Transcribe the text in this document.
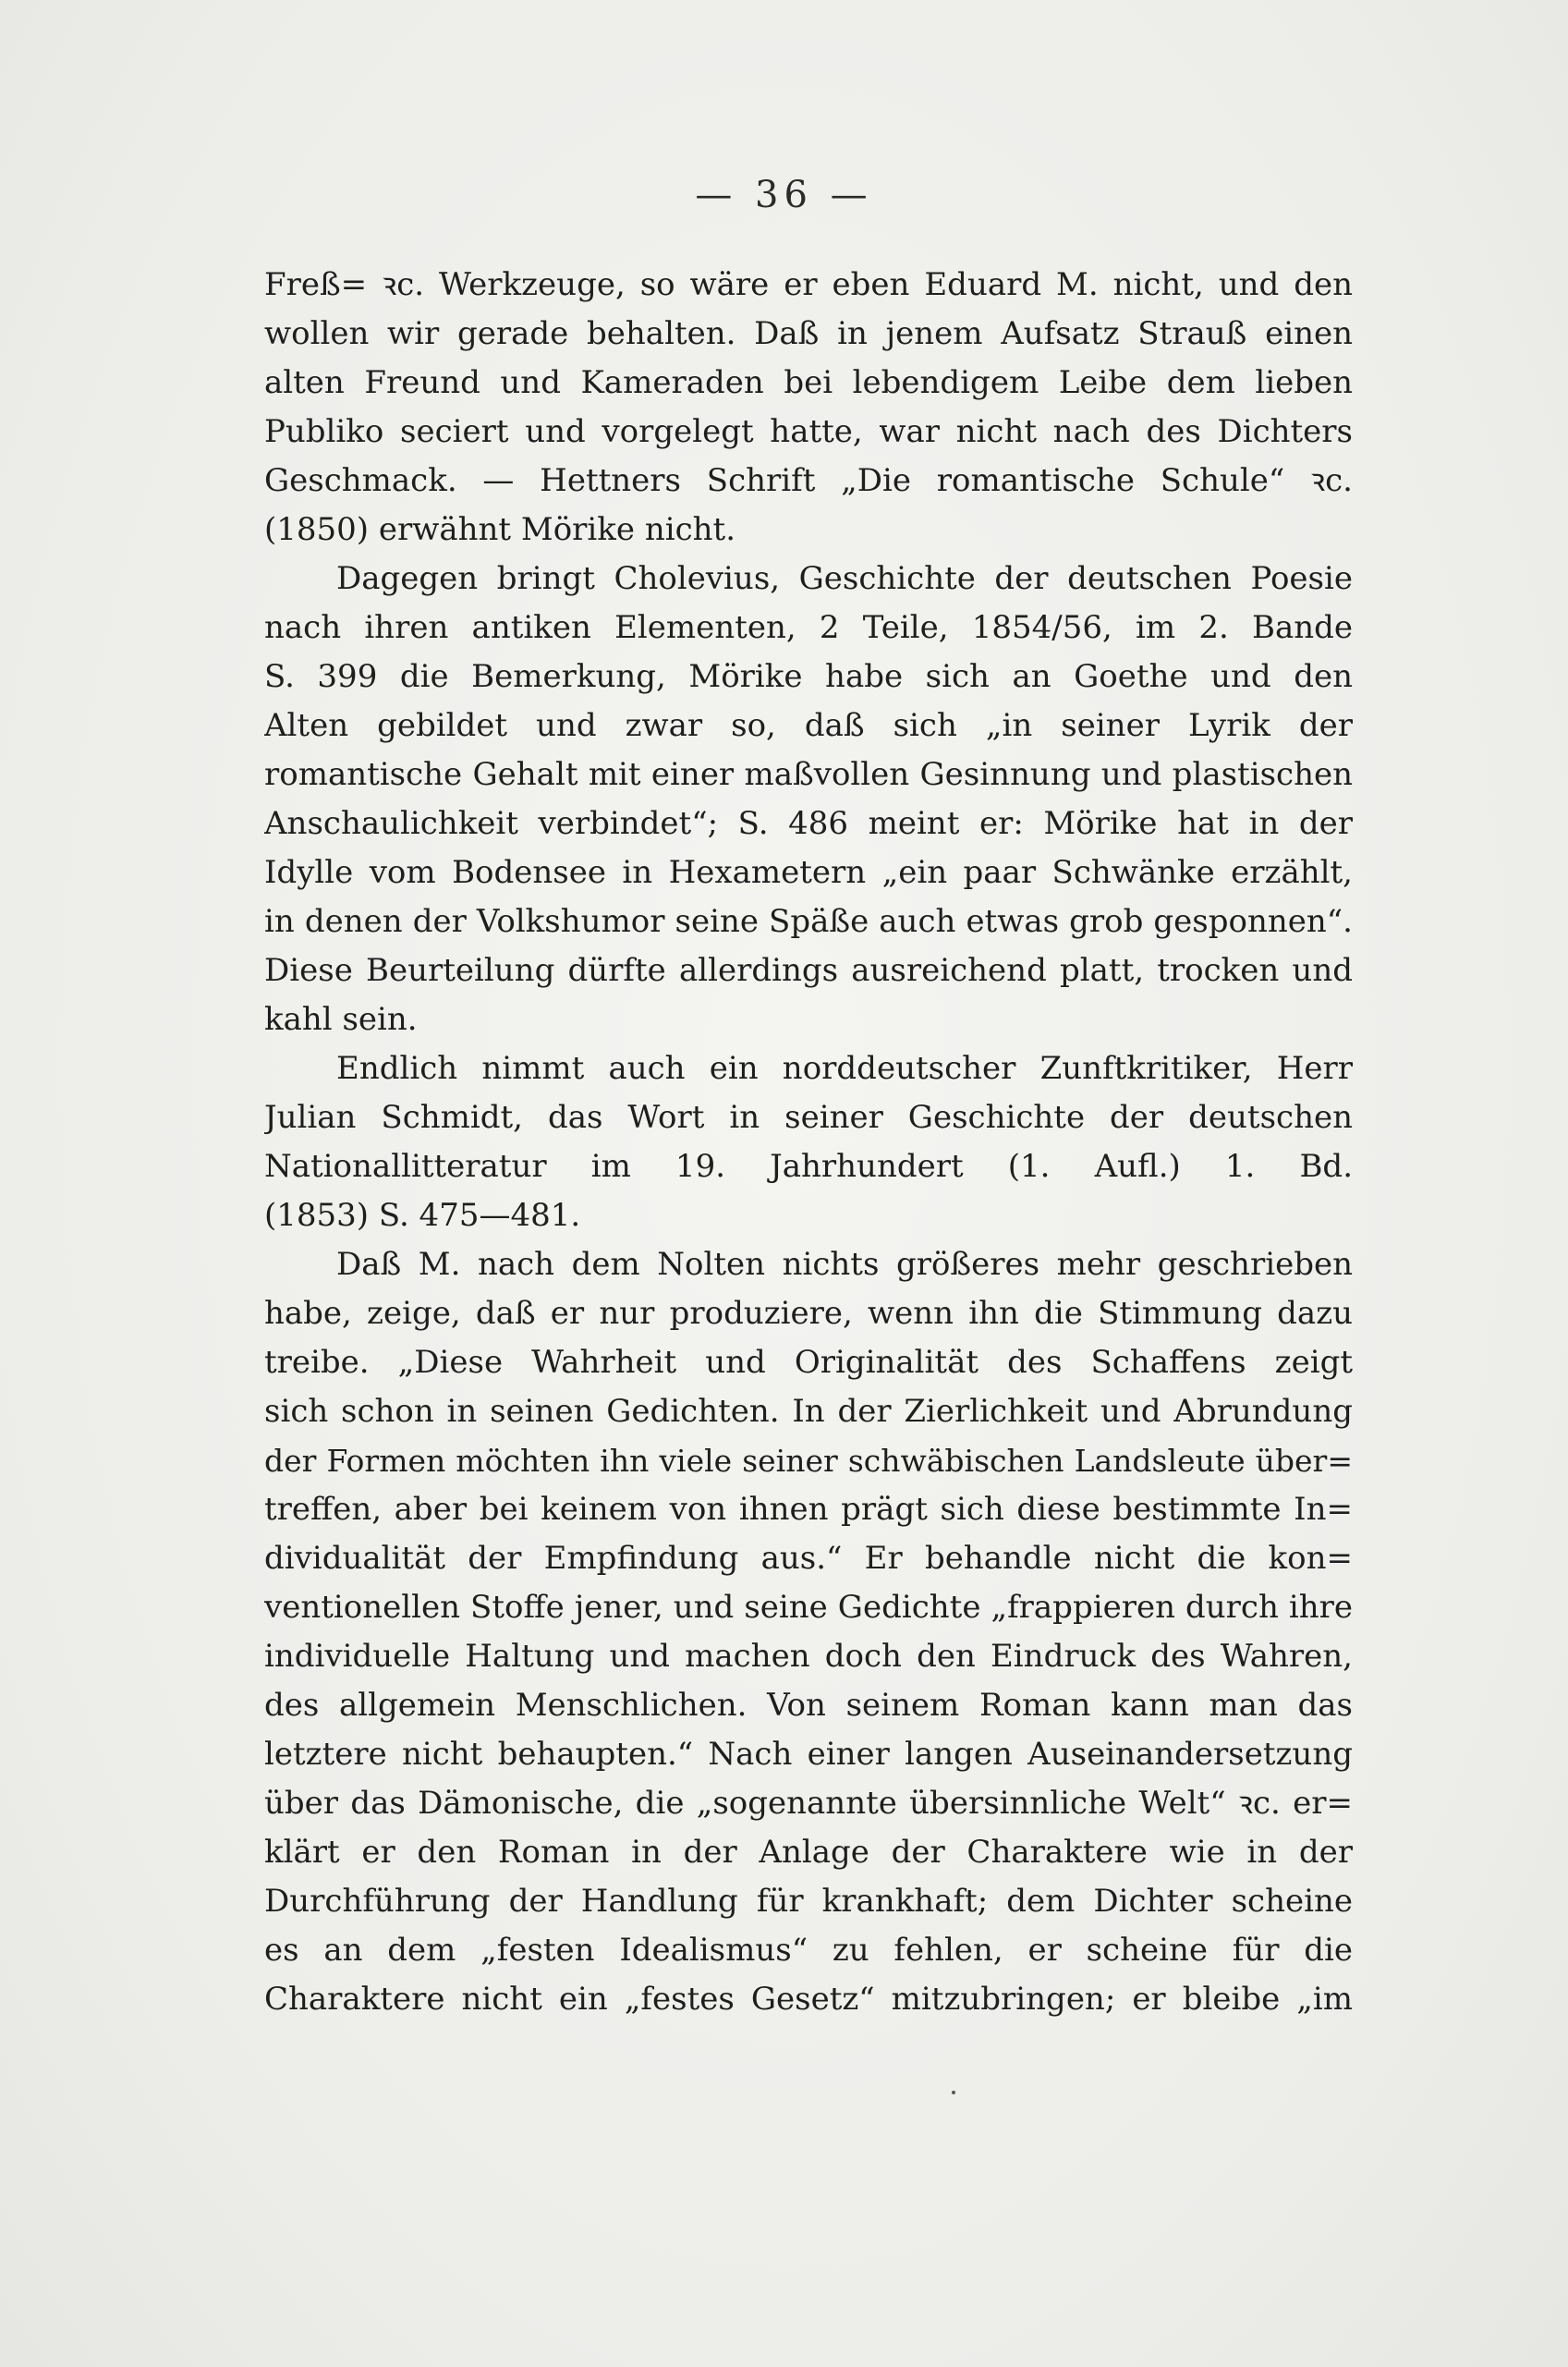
— 36 —
Freß= ꝛc. Werkzeuge, so wäre er eben Eduard M. nicht, und den
wollen wir gerade behalten. Daß in jenem Aufsatz Strauß einen
alten Freund und Kameraden bei lebendigem Leibe dem lieben
Publiko seciert und vorgelegt hatte, war nicht nach des Dichters
Geschmack. — Hettners Schrift „Die romantische Schule“ ꝛc.
(1850) erwähnt Mörike nicht.
Dagegen bringt Cholevius, Geschichte der deutschen Poesie
nach ihren antiken Elementen, 2 Teile, 1854/56, im 2. Bande
S. 399 die Bemerkung, Mörike habe sich an Goethe und den
Alten gebildet und zwar so, daß sich „in seiner Lyrik der
romantische Gehalt mit einer maßvollen Gesinnung und plastischen
Anschaulichkeit verbindet“; S. 486 meint er: Mörike hat in der
Idylle vom Bodensee in Hexametern „ein paar Schwänke erzählt,
in denen der Volkshumor seine Späße auch etwas grob gesponnen“.
Diese Beurteilung dürfte allerdings ausreichend platt, trocken und
kahl sein.
Endlich nimmt auch ein norddeutscher Zunftkritiker, Herr
Julian Schmidt, das Wort in seiner Geschichte der deutschen
Nationallitteratur im 19. Jahrhundert (1. Aufl.) 1. Bd.
(1853) S. 475—481.
Daß M. nach dem Nolten nichts größeres mehr geschrieben
habe, zeige, daß er nur produziere, wenn ihn die Stimmung dazu
treibe. „Diese Wahrheit und Originalität des Schaffens zeigt
sich schon in seinen Gedichten. In der Zierlichkeit und Abrundung
der Formen möchten ihn viele seiner schwäbischen Landsleute über=
treffen, aber bei keinem von ihnen prägt sich diese bestimmte In=
dividualität der Empfindung aus.“ Er behandle nicht die kon=
ventionellen Stoffe jener, und seine Gedichte „frappieren durch ihre
individuelle Haltung und machen doch den Eindruck des Wahren,
des allgemein Menschlichen. Von seinem Roman kann man das
letztere nicht behaupten.“ Nach einer langen Auseinandersetzung
über das Dämonische, die „sogenannte übersinnliche Welt“ ꝛc. er=
klärt er den Roman in der Anlage der Charaktere wie in der
Durchführung der Handlung für krankhaft; dem Dichter scheine
es an dem „festen Idealismus“ zu fehlen, er scheine für die
Charaktere nicht ein „festes Gesetz“ mitzubringen; er bleibe „im
